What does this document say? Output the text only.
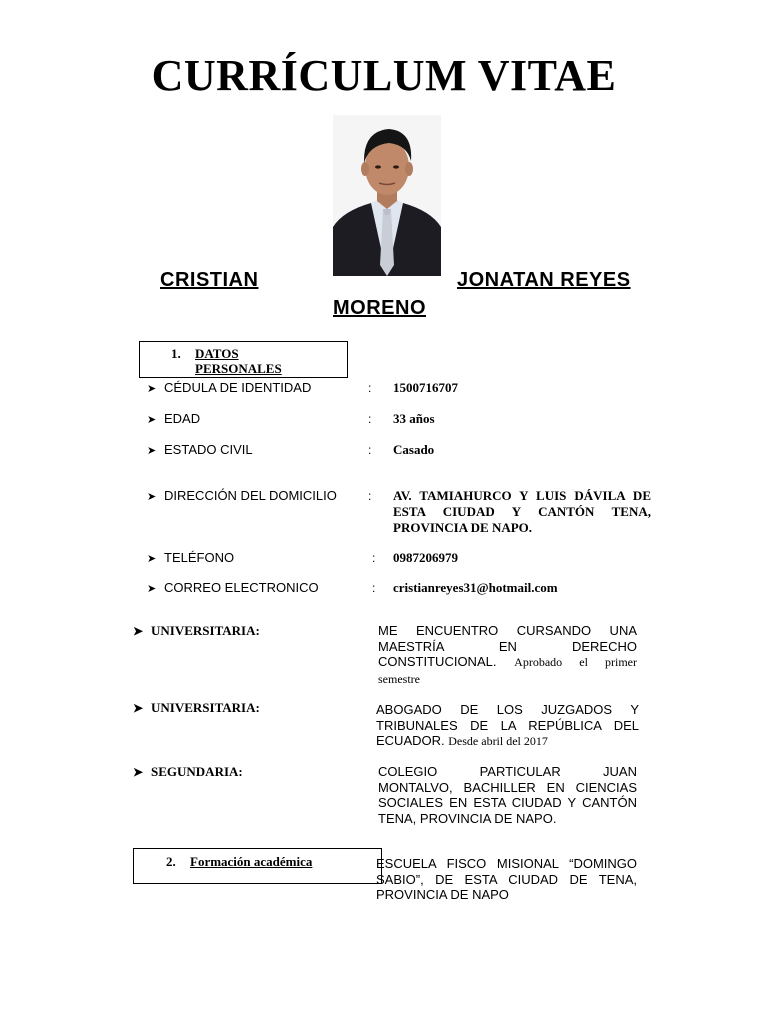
CURRÍCULUM VITAE
CRISTIAN	JONATAN REYES
MORENO
1. DATOS
PERSONALES
➤ CÉDULA DE IDENTIDAD	: 1500716707
➤ EDAD	: 33 años
➤ ESTADO CIVIL	: Casado
➤ DIRECCIÓN DEL DOMICILIO	: AV. TAMIAHURCO Y LUIS DÁVILA DE ESTA CIUDAD Y CANTÓN TENA, PROVINCIA DE NAPO.
➤ TELÉFONO	: 0987206979
➤ CORREO ELECTRONICO	: cristianreyes31@hotmail.com
➤ UNIVERSITARIA:	ME ENCUENTRO CURSANDO UNA MAESTRÍA EN DERECHO CONSTITUCIONAL. Aprobado el primer semestre
➤ UNIVERSITARIA:	ABOGADO DE LOS JUZGADOS Y TRIBUNALES DE LA REPÚBLICA DEL ECUADOR. Desde abril del 2017
➤ SEGUNDARIA:	COLEGIO PARTICULAR JUAN MONTALVO, BACHILLER EN CIENCIAS SOCIALES EN ESTA CIUDAD Y CANTÓN TENA, PROVINCIA DE NAPO.
2. Formación académica	ESCUELA FISCO MISIONAL “DOMINGO SABIO”, DE ESTA CIUDAD DE TENA, PROVINCIA DE NAPO
